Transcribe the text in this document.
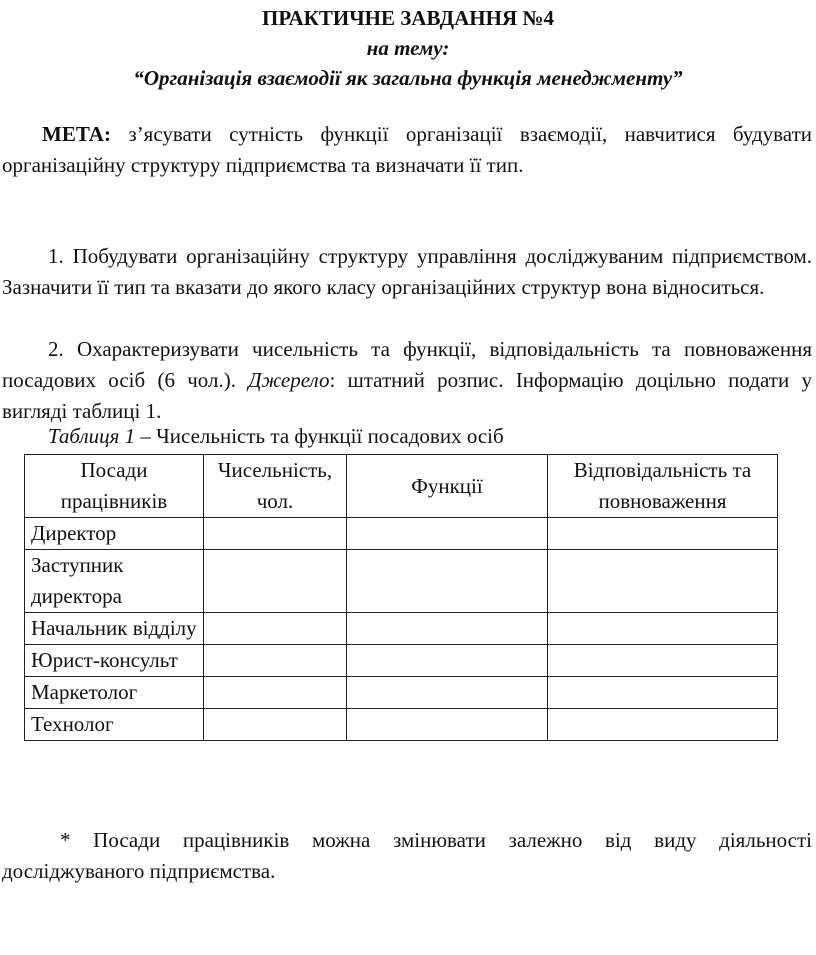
ПРАКТИЧНЕ ЗАВДАННЯ №4
на тему:
“Організація взаємодії як загальна функція менеджменту”
МЕТА: з’ясувати сутність функції організації взаємодії, навчитися будувати організаційну структуру підприємства та визначати її тип.
1. Побудувати організаційну структуру управління досліджуваним підприємством. Зазначити її тип та вказати до якого класу організаційних структур вона відноситься.
2. Охарактеризувати чисельність та функції, відповідальність та повноваження посадових осіб (6 чол.). Джерело: штатний розпис. Інформацію доцільно подати у вигляді таблиці 1.
Таблиця 1 – Чисельність та функції посадових осіб
Посади працівників	Чисельність, чол.	Функції	Відповідальність та повноваження
Директор			
Заступник директора			
Начальник відділу			
Юрист-консульт			
Маркетолог			
Технолог			
* Посади працівників можна змінювати залежно від виду діяльності досліджуваного підприємства.
